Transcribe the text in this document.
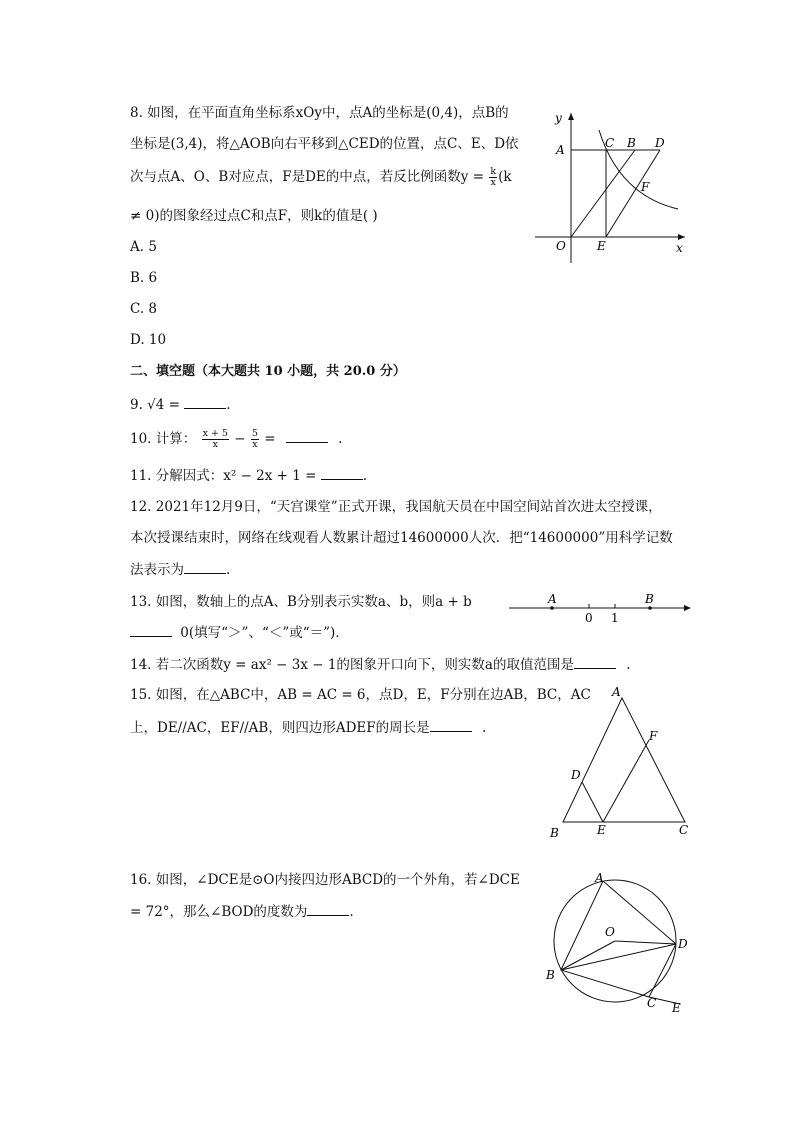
8. 如图，在平面直角坐标系xOy中，点A的坐标是(0,4)，点B的
坐标是(3,4)，将△AOB向右平移到△CED的位置，点C、E、D依
次与点A、O、B对应点，F是DE的中点，若反比例函数$y = \frac{k}{x} (k$
≠ 0)的图象经过点C和点F，则k的值是( )
A. 5
B. 6
C. 8
D. 10
y
x
O
A	C B D
F
E
二、填空题（本大题共 10 小题，共 20.0 分）
9. √4 =	.
10. 计算： $\frac{x + 5}{x} - \frac{5}{x}$ =	.
11. 分解因式：x² − 2x + 1 =	.
12. 2021年12月9日，“天宫课堂”正式开课，我国航天员在中国空间站首次进太空授课，
本次授课结束时，网络在线观看人数累计超过14600000人次．把“14600000”用科学记数
法表示为	.
13. 如图，数轴上的点A、B分别表示实数a、b，则a + b
0(填写“＞”、“＜”或“＝”)．
A	B
0 1
14. 若二次函数y = ax² − 3x − 1的图象开口向下，则实数a的取值范围是	.
15. 如图，在△ABC中，AB = AC = 6，点D，E，F分别在边AB，BC，AC
上，DE//AC，EF//AB，则四边形ADEF的周长是	.
A
B	C
D
E
F
16. 如图，∠DCE是⊙O内接四边形ABCD的一个外角，若∠DCE
= 72°，那么∠BOD的度数为	.
A
O
D
B
C E
